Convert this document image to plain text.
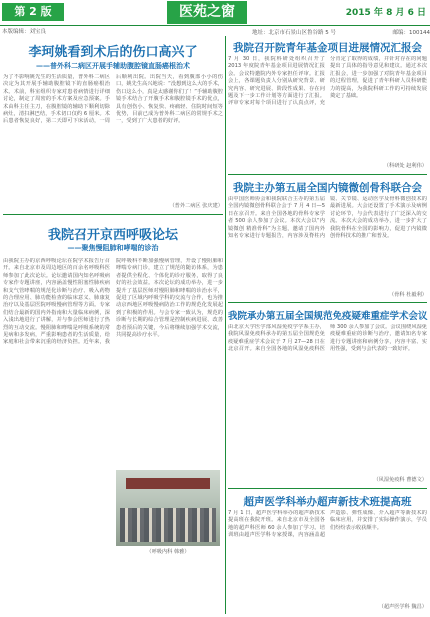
第 2 版	医苑之窗	2015 年 8 月 6 日
本版编辑：刘宝良	地址：北京市石景山区鲁谷路 5 号	邮编：100144
李珂姚看到术后的伤口高兴了
——普外科二病区开展手辅助腹腔镜直肠癌根治术
为了不影响姚先生的生活质量，普外科二病区决定为其开展手辅助腹腔镜下的直肠癌根治术。术前，科室组织专家对患者病情进行详细讨论，制定了周密的手术方案及应急预案。手术由科主任主刀，在腹腔镜的辅助下顺利切除病灶，清扫淋巴结，手术切口仅约 6 厘米。术后患者恢复良好，第二天即可下床活动，一周后顺利出院。出院当天，看到腹部小小的伤口，姚先生高兴地说：“没想到这么大的手术，伤口这么小，真是太感谢你们了！”手辅助腹腔镜手术结合了开腹手术和腹腔镜手术的优点，具有创伤小、恢复快、疼痛轻、住院时间短等优势，目前已成为普外科二病区的常规手术之一，受到了广大患者的好评。
（普外二病区 张庆建）
我院召开京西呼吸论坛
——聚焦慢阻肺和哮喘的诊治
由我院主办的京西呼吸论坛在院学术报告厅召开。来自北京市及周边地区的百余名呼吸科医师参加了此次论坛。论坛邀请国内知名呼吸病专家作专题讲座，内容涵盖慢性阻塞性肺疾病和支气管哮喘的规范化诊断与治疗、吸入药物的合理应用、肺功能检查的临床意义、肺康复治疗以及基层医院呼吸慢病管理等方面。专家们结合最新的国内外指南和大量临床病例，深入浅出地进行了讲解，并与参会医师进行了热烈的互动交流。慢阻肺和哮喘是呼吸系统的常见病和多发病，严重影响患者的生活质量，给家庭和社会带来沉重的经济负担。近年来，我院呼吸科不断加强慢病管理，开设了慢阻肺和哮喘专病门诊，建立了规范的随访体系，为患者提供全程化、个体化的诊疗服务，取得了良好的社会效益。本次论坛的成功举办，进一步提升了基层医师对慢阻肺和哮喘的诊治水平，促进了区域内呼吸学科的交流与合作，也为推动京西地区呼吸慢病防治工作的规范化发展起到了积极的作用。与会专家一致认为，规范的诊断与长期的综合管理是控制疾病进展、改善患者预后的关键，今后将继续加强学术交流，共同提高诊疗水平。
（呼吸内科 韩雅）
我院召开院青年基金项目进展情况汇报会
7 月 30 日，我院科研处组织召开了 2013 年度院青年基金项目进展情况汇报会。会议特邀院内外专家担任评审。汇报会上，各课题负责人分别从研究背景、研究内容、研究进展、阶段性成果、存在问题及下一步工作计划等方面进行了汇报。评审专家对每个项目进行了认真点评，充分肯定了取得的成绩，并针对存在的问题提出了具体的指导意见和建议。通过本次汇报会，进一步加强了对院青年基金项目的过程管理，促进了青年科研人员科研能力的提高，为我院科研工作的可持续发展奠定了基础。
（科研处 赵利伟）
我院主办第五届全国内镜微创骨科联合会
由中国医师协会和我院联合主办的第五届全国内镜微创骨科联合会于 7 月 4 日—5 日在京召开。来自全国各地的骨科专家学者 500 余人参加了会议。本次大会以“内镜微创 精准骨科”为主题，邀请了国内外知名专家进行专题报告，内容涉及脊柱内镜、关节镜、运动医学及骨科微创技术的最新进展。大会还设置了手术演示及病例讨论环节，与会代表进行了广泛深入的交流。本次大会的成功举办，进一步扩大了我院骨科在全国的影响力，促进了内镜微创骨科技术的推广和普及。
（骨科 杜毅利）
我院承办第五届全国规范免疫疑难重症学术会议
由北京大学医学部风湿免疫学学系主办，我院风湿免疫科承办的第五届全国规范免疫疑难重症学术会议于 7 月 27—28 日在北京召开。来自全国各地的风湿免疫科医师 300 余人参加了会议。会议围绕风湿免疫疑难重症的诊断与治疗，邀请知名专家进行专题讲座和病例分享，内容丰富、实用性强，受到与会代表的一致好评。
（风湿免疫科 曹德文）
超声医学科举办超声新技术班提高班
7 月 1 日，超声医学科举办的超声新技术提高班在我院开班。来自北京市及全国各地的超声科医师 60 余人参加了学习。培训班由超声医学科专家授课，内容涵盖超声造影、弹性成像、介入超声等新技术的临床应用，并安排了实际操作演示，学员们纷纷表示收获颇丰。
（超声医学科 魏昌）
